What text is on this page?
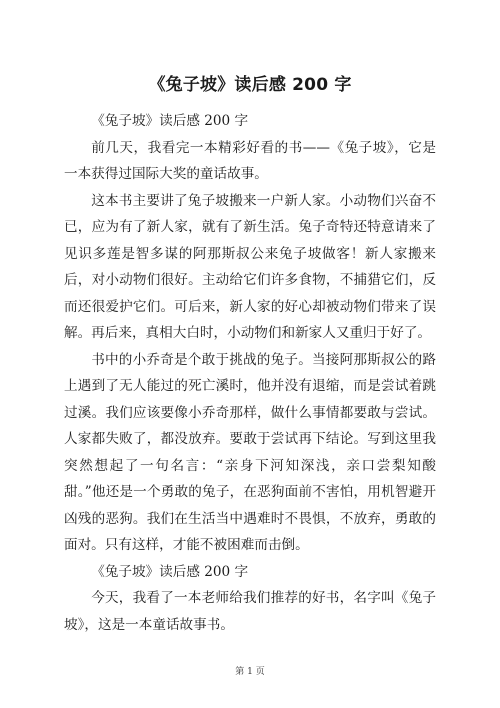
《兔子坡》读后感 200 字

《兔子坡》读后感 200 字

前几天，我看完一本精彩好看的书——《兔子坡》，它是一本获得过国际大奖的童话故事。

这本书主要讲了兔子坡搬来一户新人家。小动物们兴奋不已，应为有了新人家，就有了新生活。兔子奇特还特意请来了见识多莲是智多谋的阿那斯叔公来兔子坡做客！新人家搬来后，对小动物们很好。主动给它们许多食物，不捕猎它们，反而还很爱护它们。可后来，新人家的好心却被动物们带来了误解。再后来，真相大白时，小动物们和新家人又重归于好了。

书中的小乔奇是个敢于挑战的兔子。当接阿那斯叔公的路上遇到了无人能过的死亡溪时，他并没有退缩，而是尝试着跳过溪。我们应该要像小乔奇那样，做什么事情都要敢与尝试。人家都失败了，都没放弃。要敢于尝试再下结论。写到这里我突然想起了一句名言：“亲身下河知深浅，亲口尝梨知酸甜。”他还是一个勇敢的兔子，在恶狗面前不害怕，用机智避开凶残的恶狗。我们在生活当中遇难时不畏惧，不放弃，勇敢的面对。只有这样，才能不被困难而击倒。

《兔子坡》读后感 200 字

今天，我看了一本老师给我们推荐的好书，名字叫《兔子坡》，这是一本童话故事书。

第 1 页
